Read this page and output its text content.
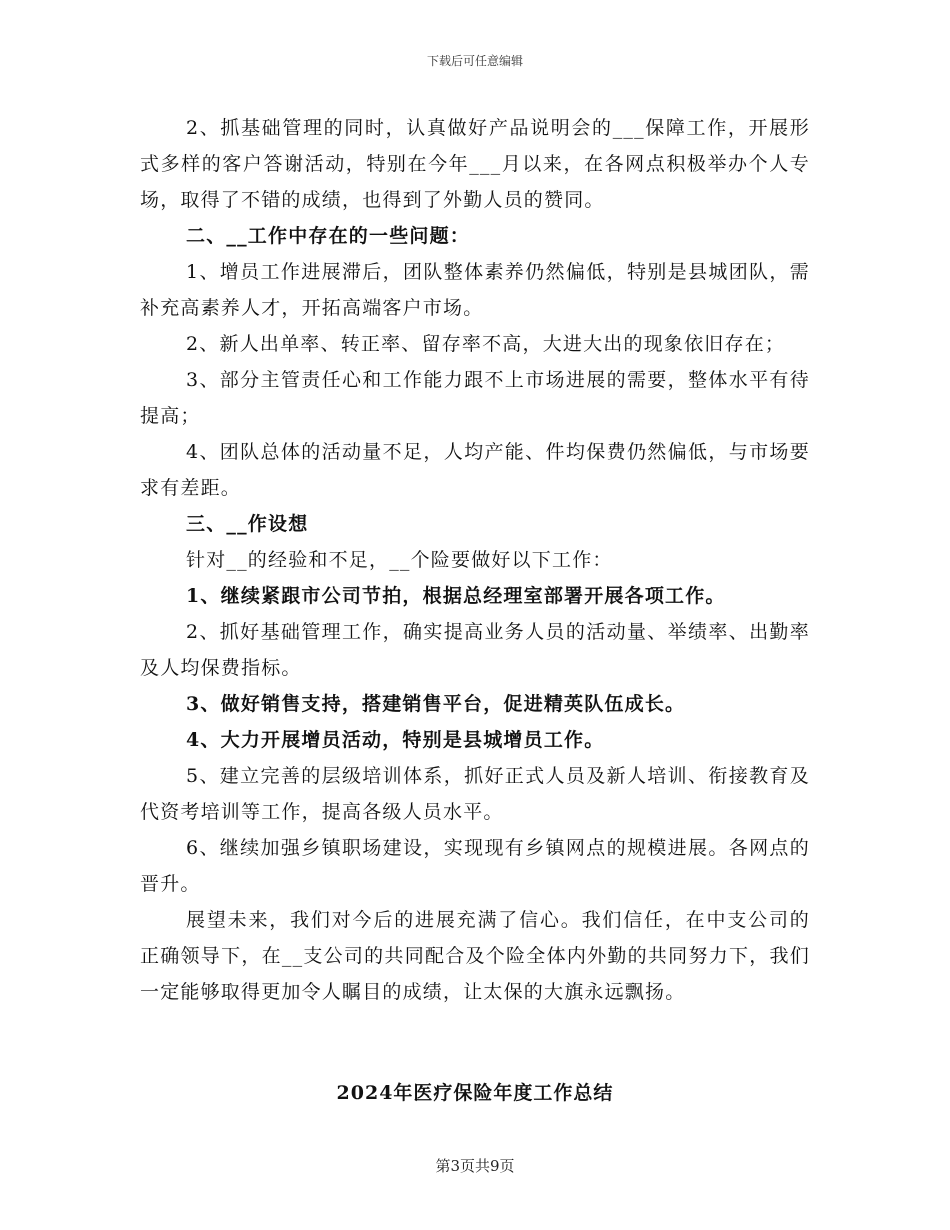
下载后可任意编辑

2、抓基础管理的同时，认真做好产品说明会的___保障工作，开展形式多样的客户答谢活动，特别在今年___月以来，在各网点积极举办个人专场，取得了不错的成绩，也得到了外勤人员的赞同。

二、__工作中存在的一些问题：

1、增员工作进展滞后，团队整体素养仍然偏低，特别是县城团队，需补充高素养人才，开拓高端客户市场。

2、新人出单率、转正率、留存率不高，大进大出的现象依旧存在；

3、部分主管责任心和工作能力跟不上市场进展的需要，整体水平有待提高；

4、团队总体的活动量不足，人均产能、件均保费仍然偏低，与市场要求有差距。

三、__作设想

针对__的经验和不足，__个险要做好以下工作：

1、继续紧跟市公司节拍，根据总经理室部署开展各项工作。

2、抓好基础管理工作，确实提高业务人员的活动量、举绩率、出勤率及人均保费指标。

3、做好销售支持，搭建销售平台，促进精英队伍成长。

4、大力开展增员活动，特别是县城增员工作。

5、建立完善的层级培训体系，抓好正式人员及新人培训、衔接教育及代资考培训等工作，提高各级人员水平。

6、继续加强乡镇职场建设，实现现有乡镇网点的规模进展。各网点的晋升。

展望未来，我们对今后的进展充满了信心。我们信任，在中支公司的正确领导下，在__支公司的共同配合及个险全体内外勤的共同努力下，我们一定能够取得更加令人瞩目的成绩，让太保的大旗永远飘扬。

2024年医疗保险年度工作总结
第3页共9页
